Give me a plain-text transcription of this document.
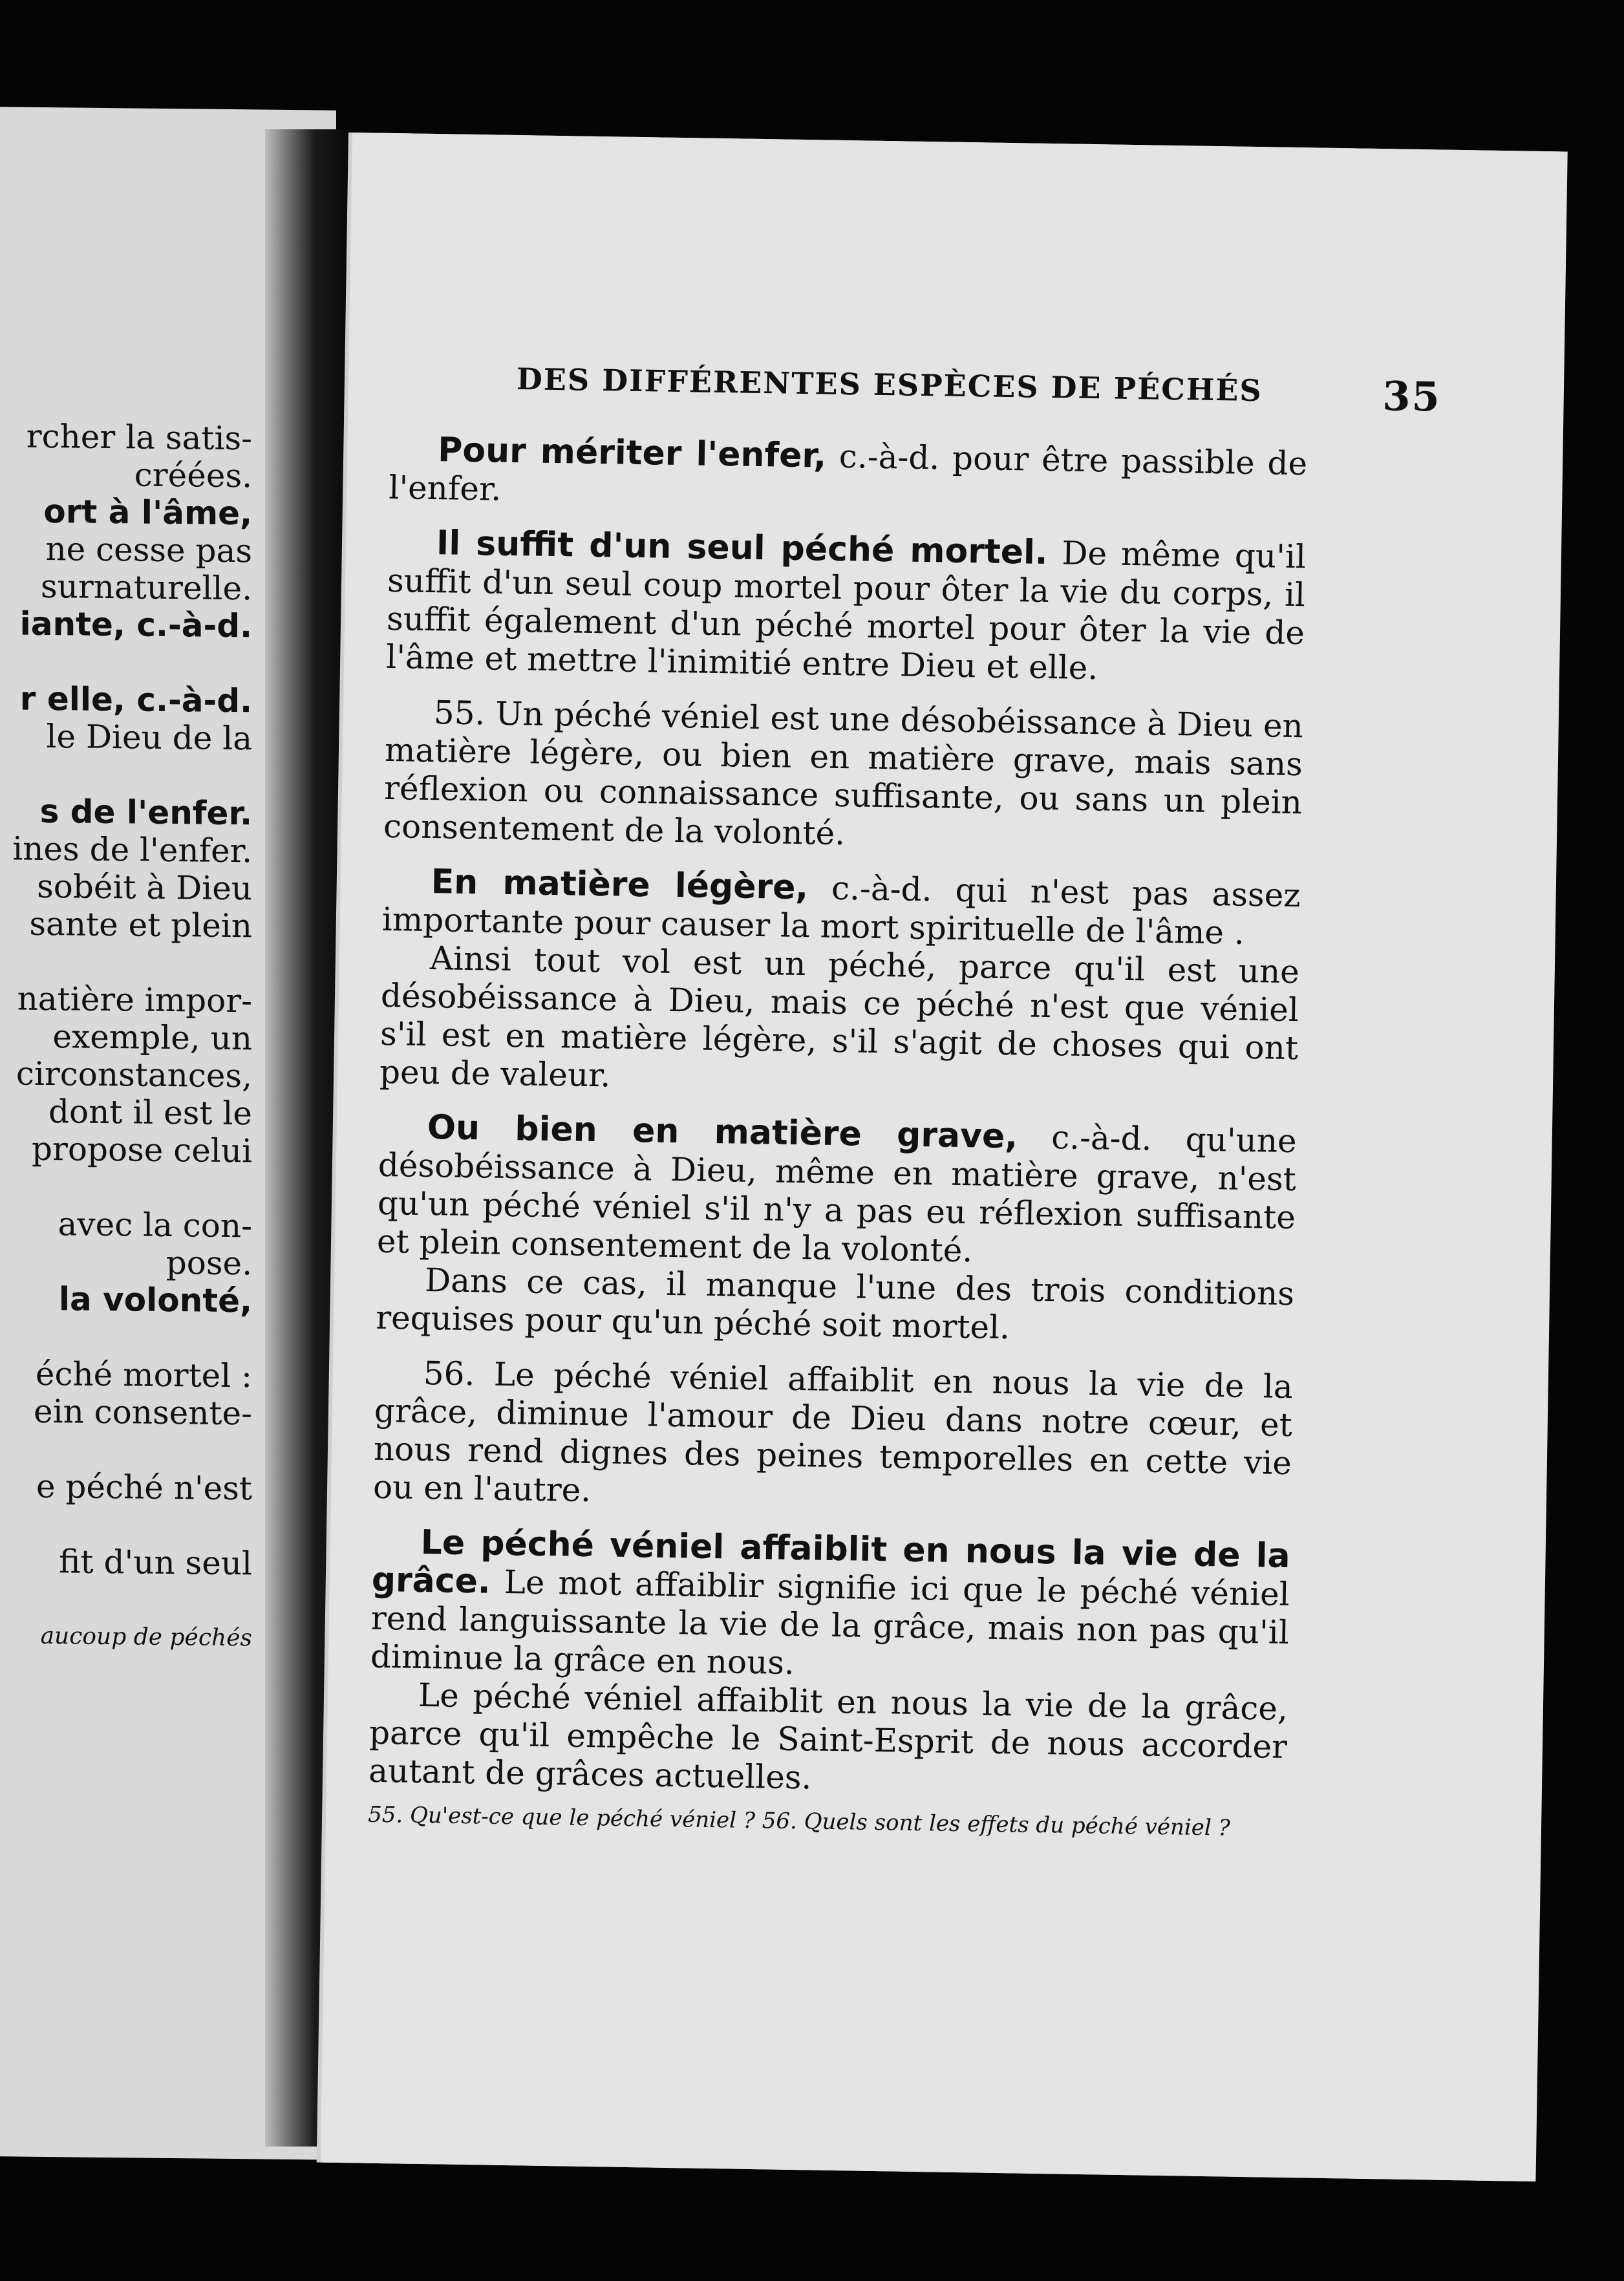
rcher la satis-
créées.
ort à l'âme,
ne cesse pas
surnaturelle.
iante, c.-à-d.
r elle, c.-à-d.
le Dieu de la
s de l'enfer.
ines de l'enfer.
sobéit à Dieu
sante et plein
natière impor-
exemple, un
circonstances,
dont il est le
propose celui
avec la con-
pose.
la volonté,
éché mortel :
ein consente-
e péché n'est
fit d'un seul
aucoup de péchés
DES DIFFÉRENTES ESPÈCES DE PÉCHÉS	35

Pour mériter l'enfer, c.-à-d. pour être passible de l'enfer.

Il suffit d'un seul péché mortel. De même qu'il suffit d'un seul coup mortel pour ôter la vie du corps, il suffit également d'un péché mortel pour ôter la vie de l'âme et mettre l'inimitié entre Dieu et elle.

55. Un péché véniel est une désobéissance à Dieu en matière légère, ou bien en matière grave, mais sans réflexion ou connaissance suffisante, ou sans un plein consentement de la volonté.

En matière légère, c.-à-d. qui n'est pas assez importante pour causer la mort spirituelle de l'âme .

Ainsi tout vol est un péché, parce qu'il est une désobéissance à Dieu, mais ce péché n'est que véniel s'il est en matière légère, s'il s'agit de choses qui ont peu de valeur.

Ou bien en matière grave, c.-à-d. qu'une désobéissance à Dieu, même en matière grave, n'est qu'un péché véniel s'il n'y a pas eu réflexion suffisante et plein consentement de la volonté.

Dans ce cas, il manque l'une des trois conditions requises pour qu'un péché soit mortel.

56. Le péché véniel affaiblit en nous la vie de la grâce, diminue l'amour de Dieu dans notre cœur, et nous rend dignes des peines temporelles en cette vie ou en l'autre.

Le péché véniel affaiblit en nous la vie de la grâce. Le mot affaiblir signifie ici que le péché véniel rend languissante la vie de la grâce, mais non pas qu'il diminue la grâce en nous.

Le péché véniel affaiblit en nous la vie de la grâce, parce qu'il empêche le Saint-Esprit de nous accorder autant de grâces actuelles.

55. Qu'est-ce que le péché véniel ? 56. Quels sont les effets du péché véniel ?
